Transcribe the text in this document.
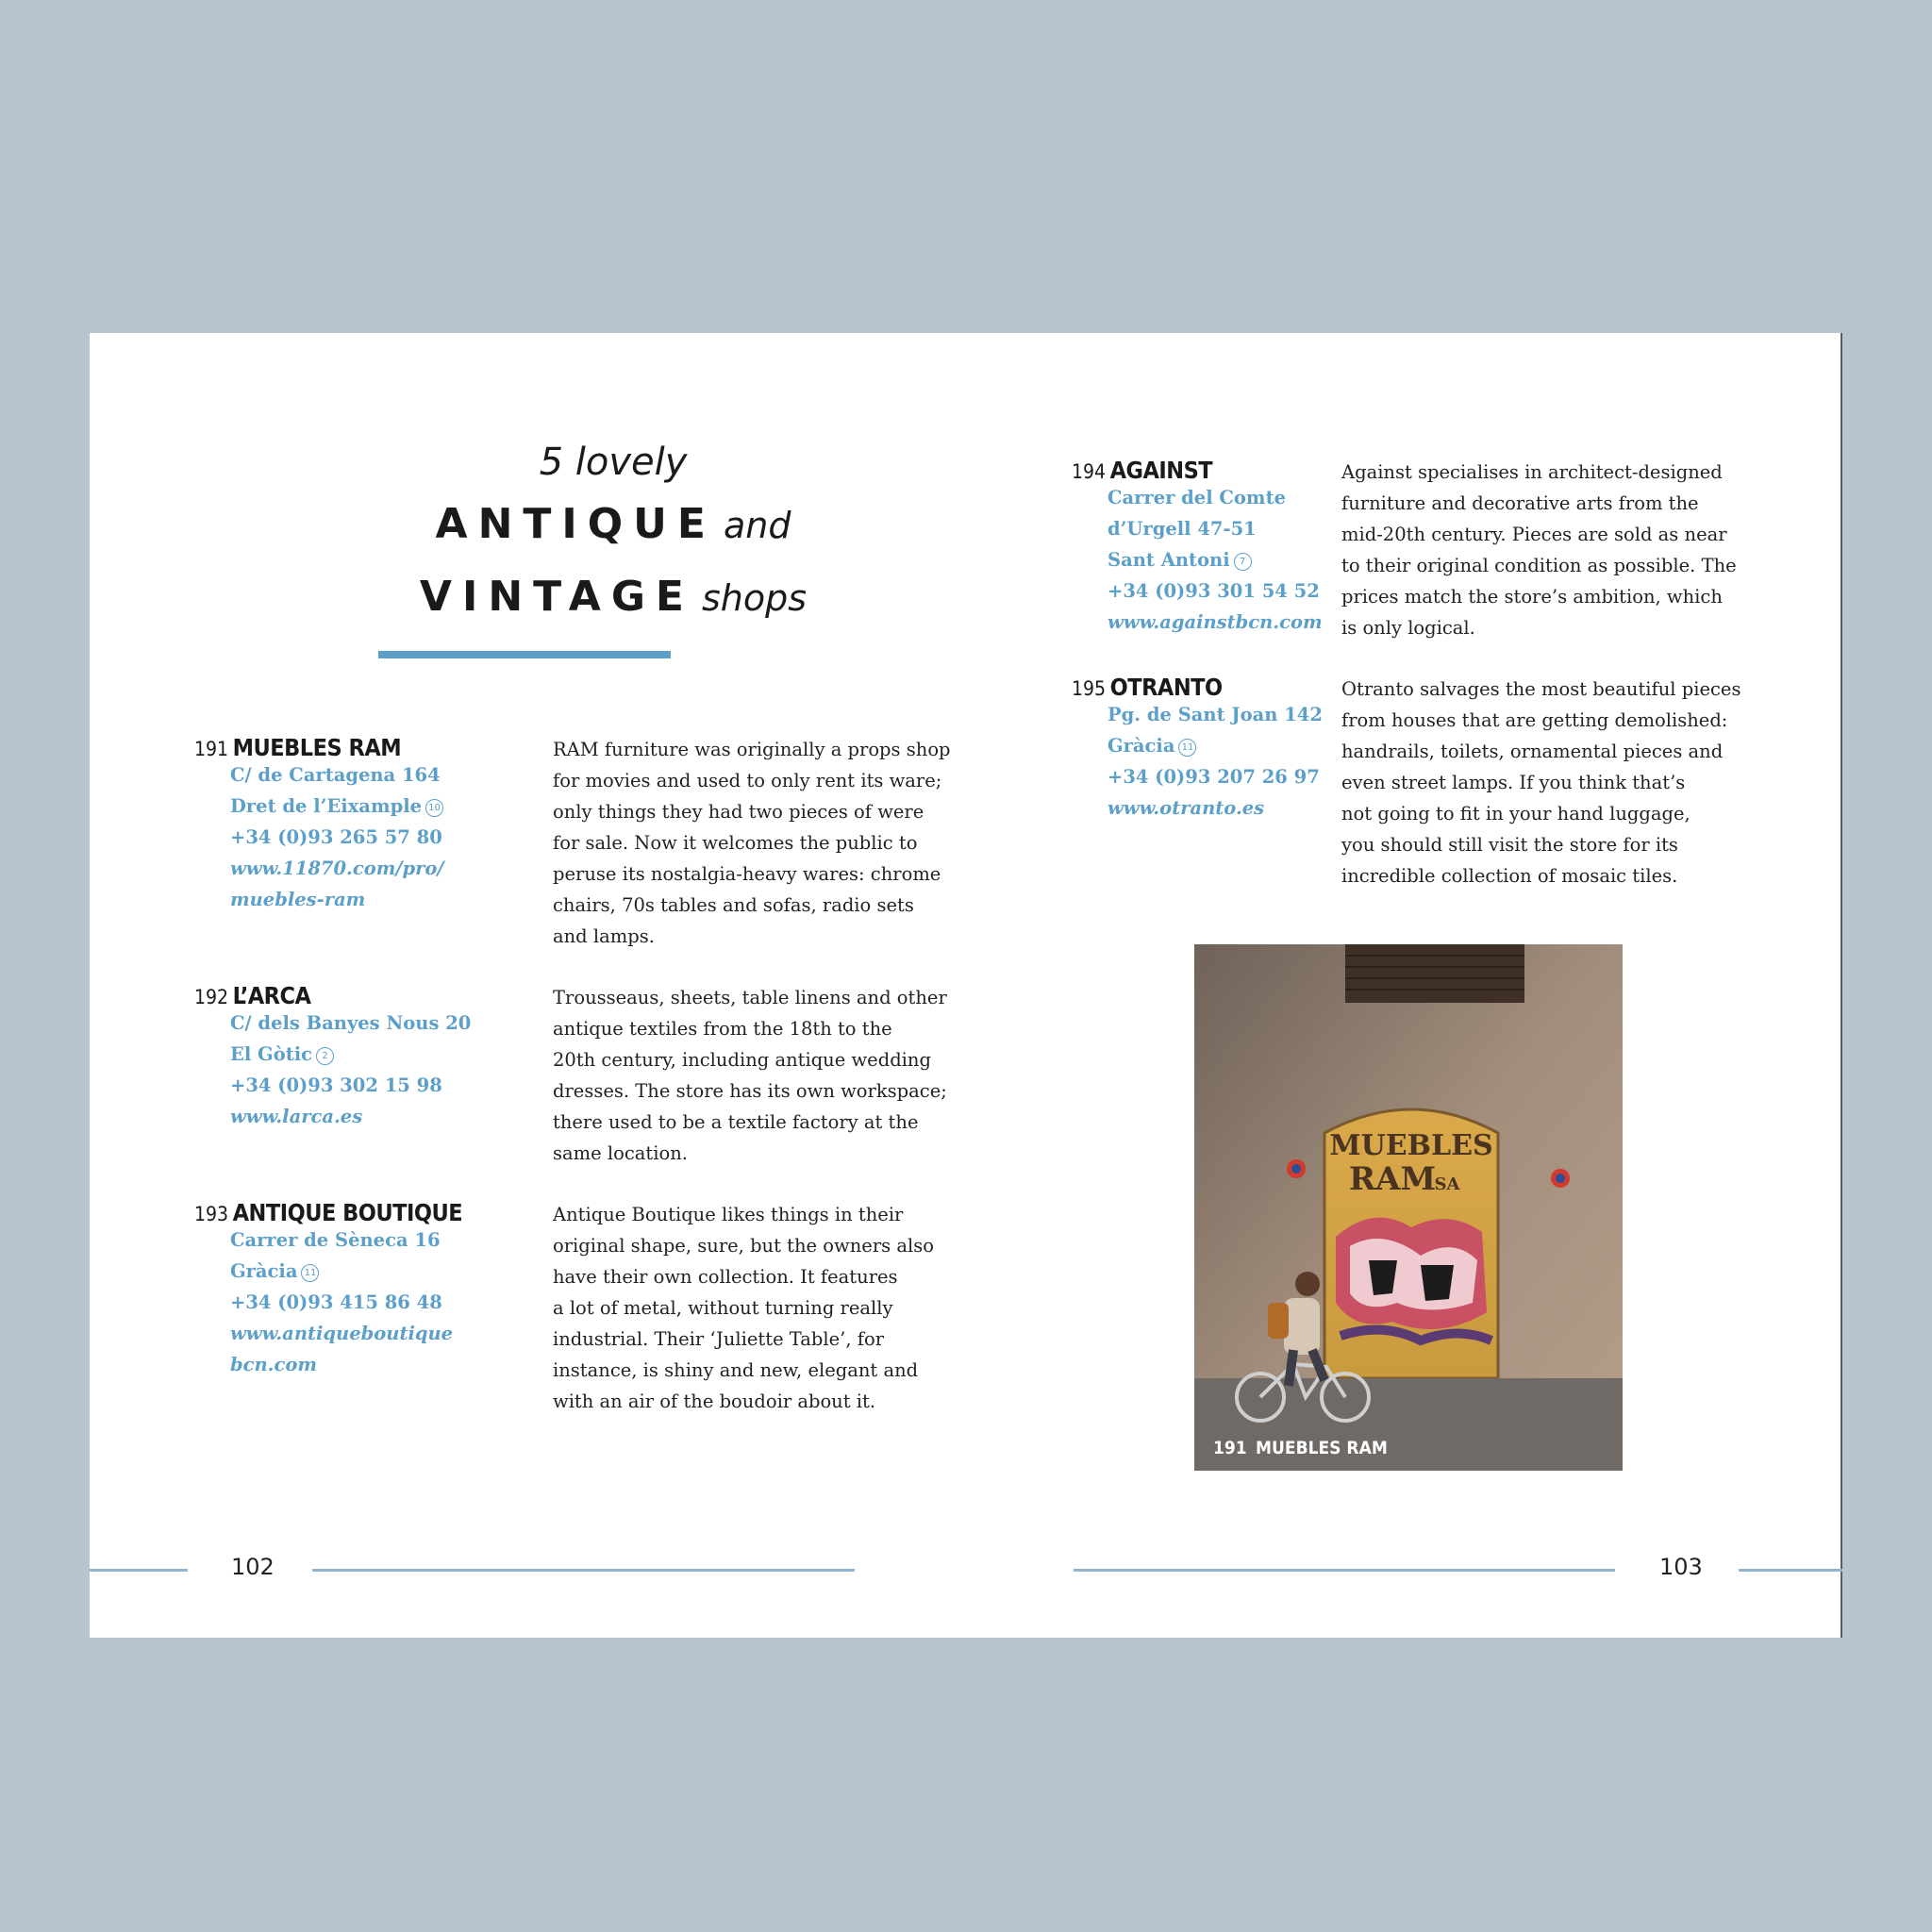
5 lovely
ANTIQUE and
VINTAGE shops
191 MUEBLES RAM
C/ de Cartagena 164
Dret de l’Eixample 10
+34 (0)93 265 57 80
www.11870.com/pro/
muebles-ram
RAM furniture was originally a props shop
for movies and used to only rent its ware;
only things they had two pieces of were
for sale. Now it welcomes the public to
peruse its nostalgia-heavy wares: chrome
chairs, 70s tables and sofas, radio sets
and lamps.
192 L’ARCA
C/ dels Banyes Nous 20
El Gòtic 2
+34 (0)93 302 15 98
www.larca.es
Trousseaus, sheets, table linens and other
antique textiles from the 18th to the
20th century, including antique wedding
dresses. The store has its own workspace;
there used to be a textile factory at the
same location.
193 ANTIQUE BOUTIQUE
Carrer de Sèneca 16
Gràcia 11
+34 (0)93 415 86 48
www.antiqueboutique
bcn.com
Antique Boutique likes things in their
original shape, sure, but the owners also
have their own collection. It features
a lot of metal, without turning really
industrial. Their ‘Juliette Table’, for
instance, is shiny and new, elegant and
with an air of the boudoir about it.
194 AGAINST
Carrer del Comte
d’Urgell 47-51
Sant Antoni 7
+34 (0)93 301 54 52
www.againstbcn.com
Against specialises in architect-designed
furniture and decorative arts from the
mid-20th century. Pieces are sold as near
to their original condition as possible. The
prices match the store’s ambition, which
is only logical.
195 OTRANTO
Pg. de Sant Joan 142
Gràcia 11
+34 (0)93 207 26 97
www.otranto.es
Otranto salvages the most beautiful pieces
from houses that are getting demolished:
handrails, toilets, ornamental pieces and
even street lamps. If you think that’s
not going to fit in your hand luggage,
you should still visit the store for its
incredible collection of mosaic tiles.
MUEBLES
RAM
SA
191 MUEBLES RAM
102	103
